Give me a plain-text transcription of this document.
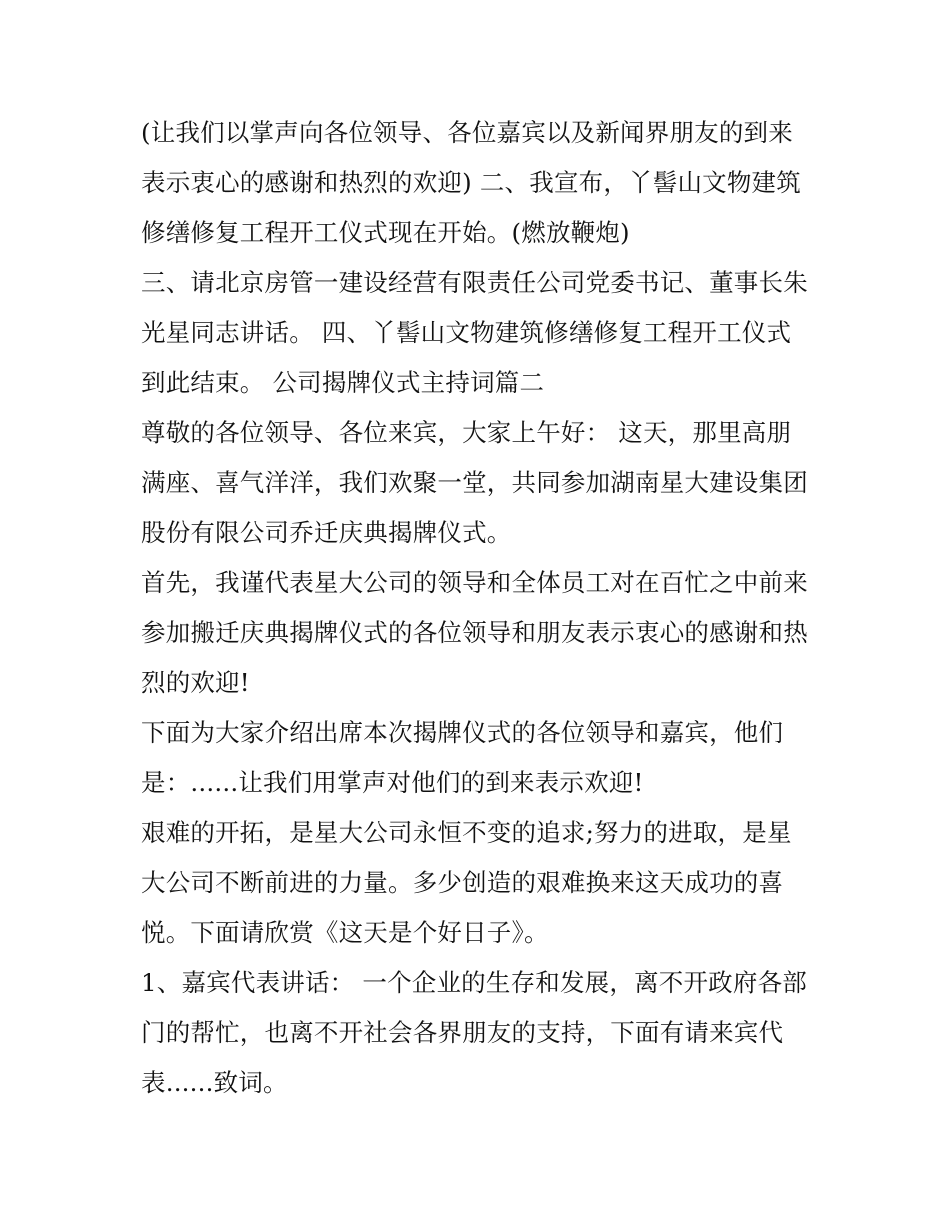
(让我们以掌声向各位领导、各位嘉宾以及新闻界朋友的到来
表示衷心的感谢和热烈的欢迎) 二、我宣布，丫髻山文物建筑
修缮修复工程开工仪式现在开始。(燃放鞭炮)
三、请北京房管一建设经营有限责任公司党委书记、董事长朱
光星同志讲话。 四、丫髻山文物建筑修缮修复工程开工仪式
到此结束。 公司揭牌仪式主持词篇二
尊敬的各位领导、各位来宾，大家上午好： 这天，那里高朋
满座、喜气洋洋，我们欢聚一堂，共同参加湖南星大建设集团
股份有限公司乔迁庆典揭牌仪式。
首先，我谨代表星大公司的领导和全体员工对在百忙之中前来
参加搬迁庆典揭牌仪式的各位领导和朋友表示衷心的感谢和热
烈的欢迎!
下面为大家介绍出席本次揭牌仪式的各位领导和嘉宾，他们
是：......让我们用掌声对他们的到来表示欢迎!
艰难的开拓，是星大公司永恒不变的追求;努力的进取，是星
大公司不断前进的力量。多少创造的艰难换来这天成功的喜
悦。下面请欣赏《这天是个好日子》。
1、嘉宾代表讲话： 一个企业的生存和发展，离不开政府各部
门的帮忙，也离不开社会各界朋友的支持，下面有请来宾代
表......致词。
